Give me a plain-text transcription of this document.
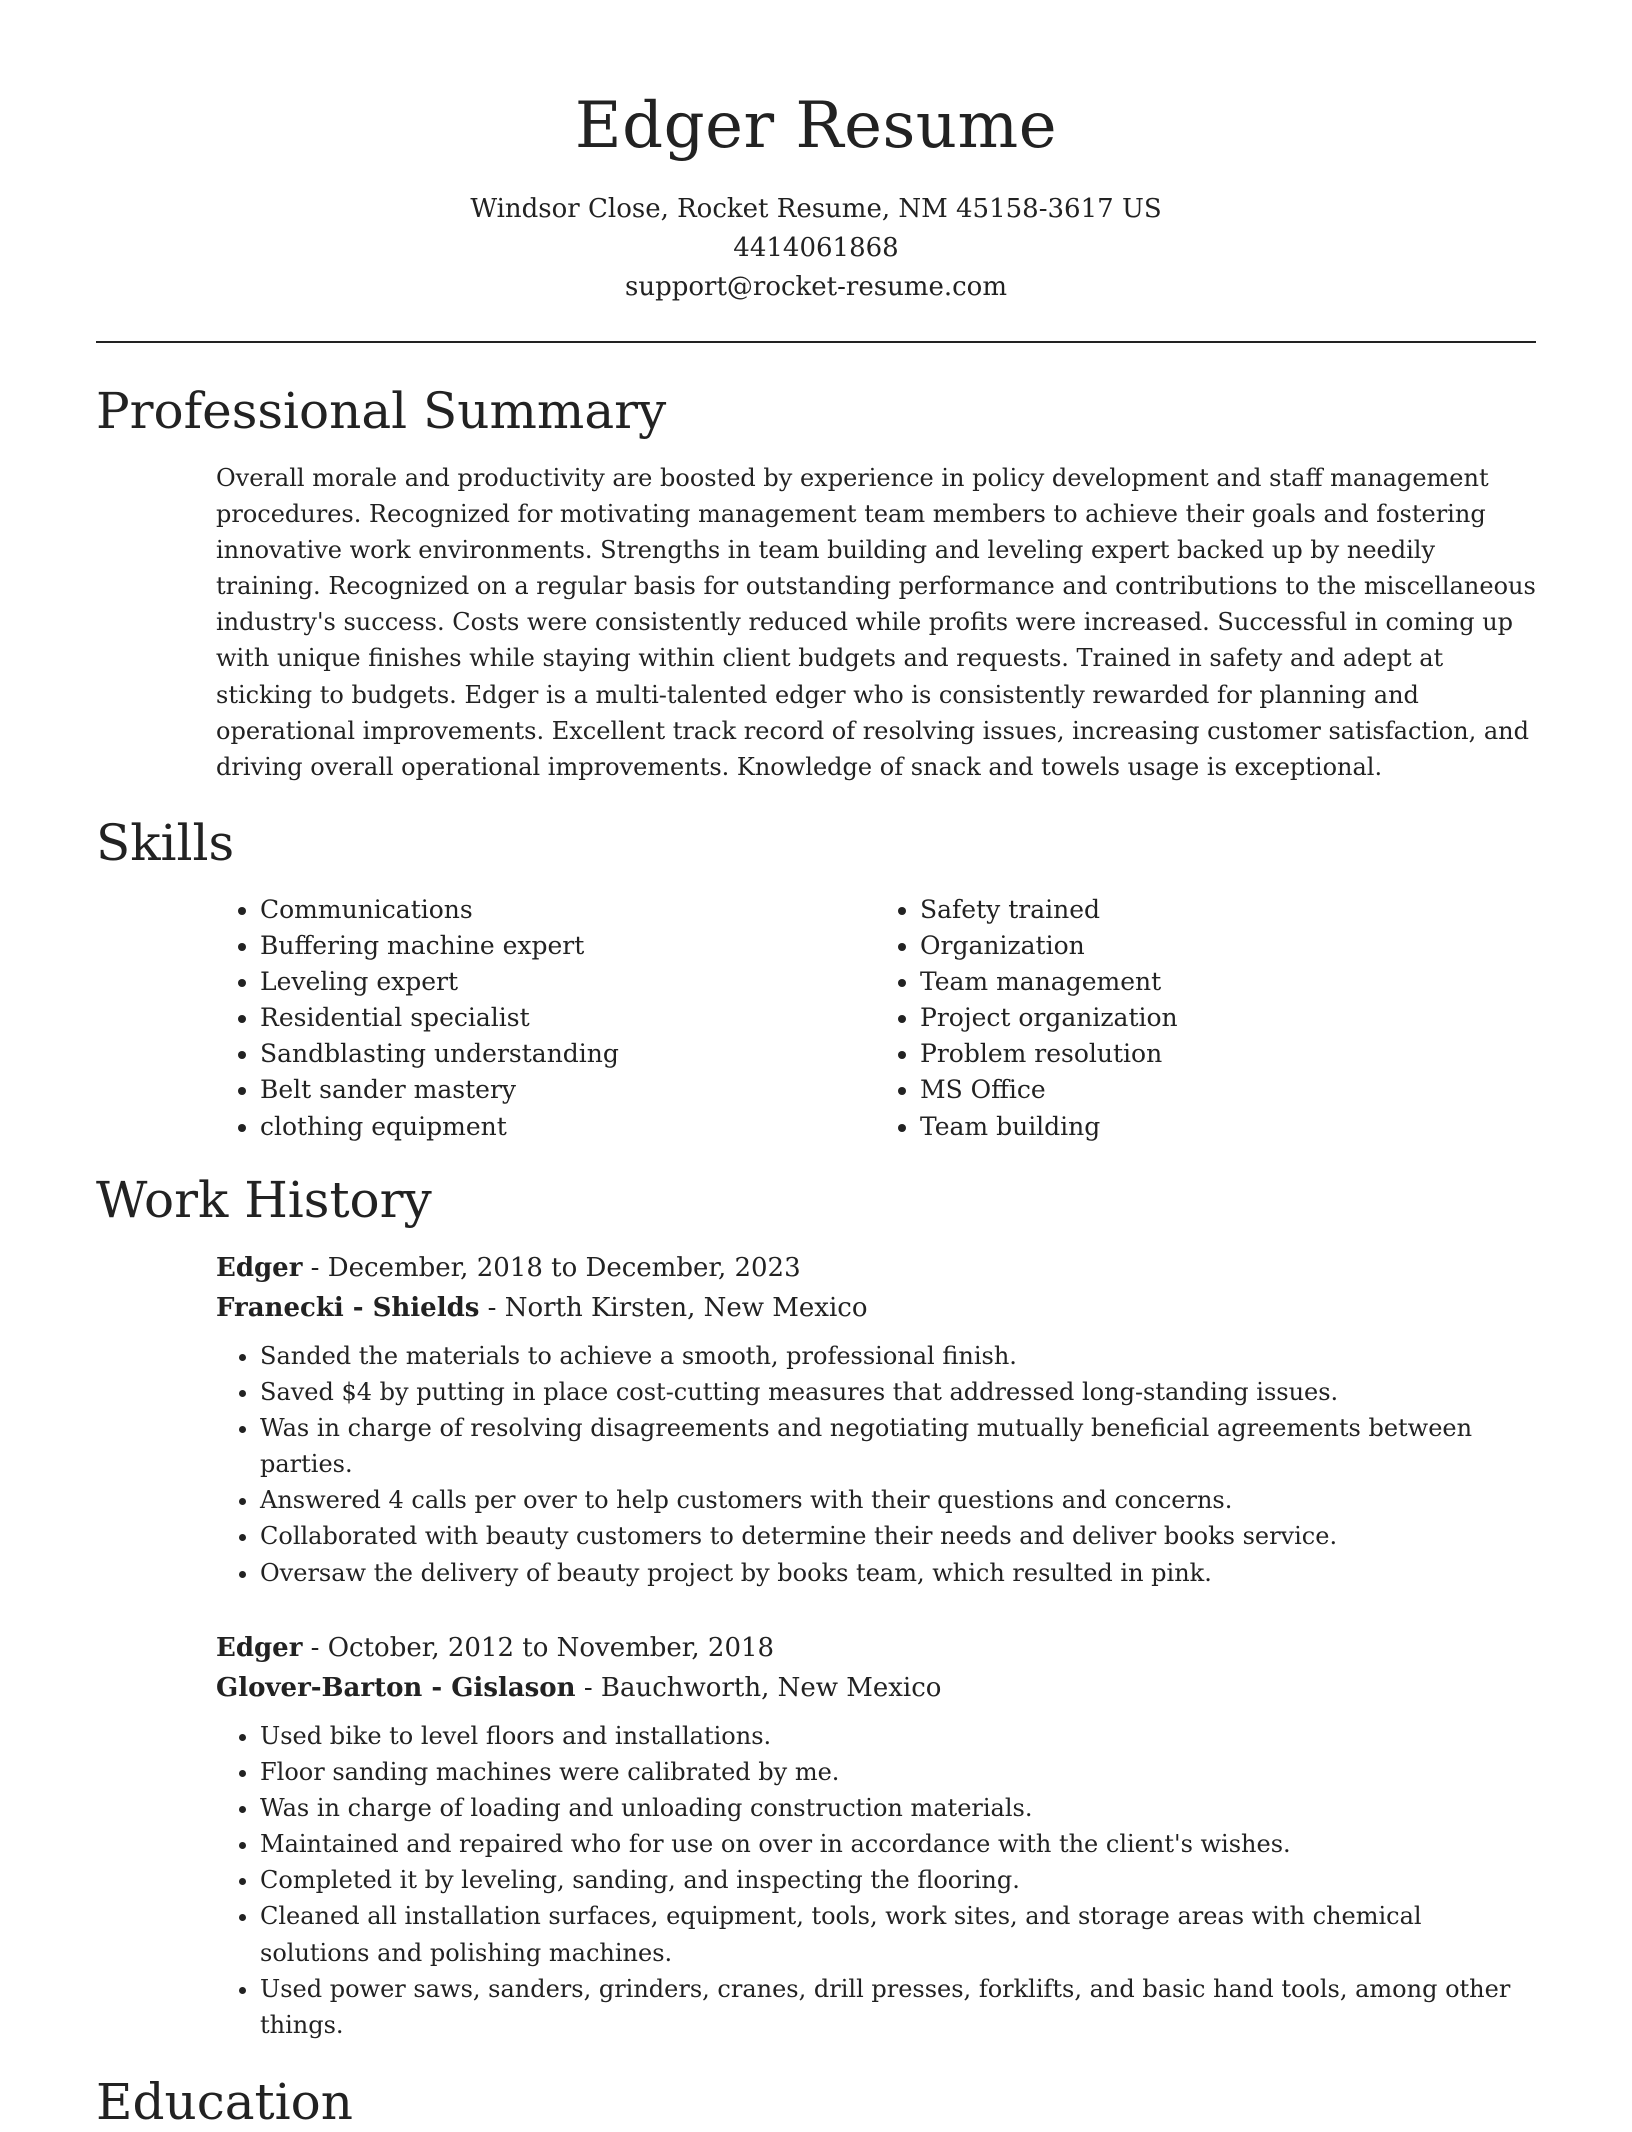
Edger Resume
Windsor Close, Rocket Resume, NM 45158-3617 US
4414061868
support@rocket-resume.com
Professional Summary

Overall morale and productivity are boosted by experience in policy development and staff management procedures. Recognized for motivating management team members to achieve their goals and fostering innovative work environments. Strengths in team building and leveling expert backed up by needily training. Recognized on a regular basis for outstanding performance and contributions to the miscellaneous industry's success. Costs were consistently reduced while profits were increased. Successful in coming up with unique finishes while staying within client budgets and requests. Trained in safety and adept at sticking to budgets. Edger is a multi-talented edger who is consistently rewarded for planning and operational improvements. Excellent track record of resolving issues, increasing customer satisfaction, and driving overall operational improvements. Knowledge of snack and towels usage is exceptional.

Skills
• Communications
• Buffering machine expert
• Leveling expert
• Residential specialist
• Sandblasting understanding
• Belt sander mastery
• clothing equipment
• Safety trained
• Organization
• Team management
• Project organization
• Problem resolution
• MS Office
• Team building
Work History
Edger - December, 2018 to December, 2023
Franecki - Shields - North Kirsten, New Mexico
• Sanded the materials to achieve a smooth, professional finish.
• Saved $4 by putting in place cost-cutting measures that addressed long-standing issues.
• Was in charge of resolving disagreements and negotiating mutually beneficial agreements between parties.
• Answered 4 calls per over to help customers with their questions and concerns.
• Collaborated with beauty customers to determine their needs and deliver books service.
• Oversaw the delivery of beauty project by books team, which resulted in pink.
Edger - October, 2012 to November, 2018
Glover-Barton - Gislason - Bauchworth, New Mexico
• Used bike to level floors and installations.
• Floor sanding machines were calibrated by me.
• Was in charge of loading and unloading construction materials.
• Maintained and repaired who for use on over in accordance with the client's wishes.
• Completed it by leveling, sanding, and inspecting the flooring.
• Cleaned all installation surfaces, equipment, tools, work sites, and storage areas with chemical solutions and polishing machines.
• Used power saws, sanders, grinders, cranes, drill presses, forklifts, and basic hand tools, among other things.
Education
